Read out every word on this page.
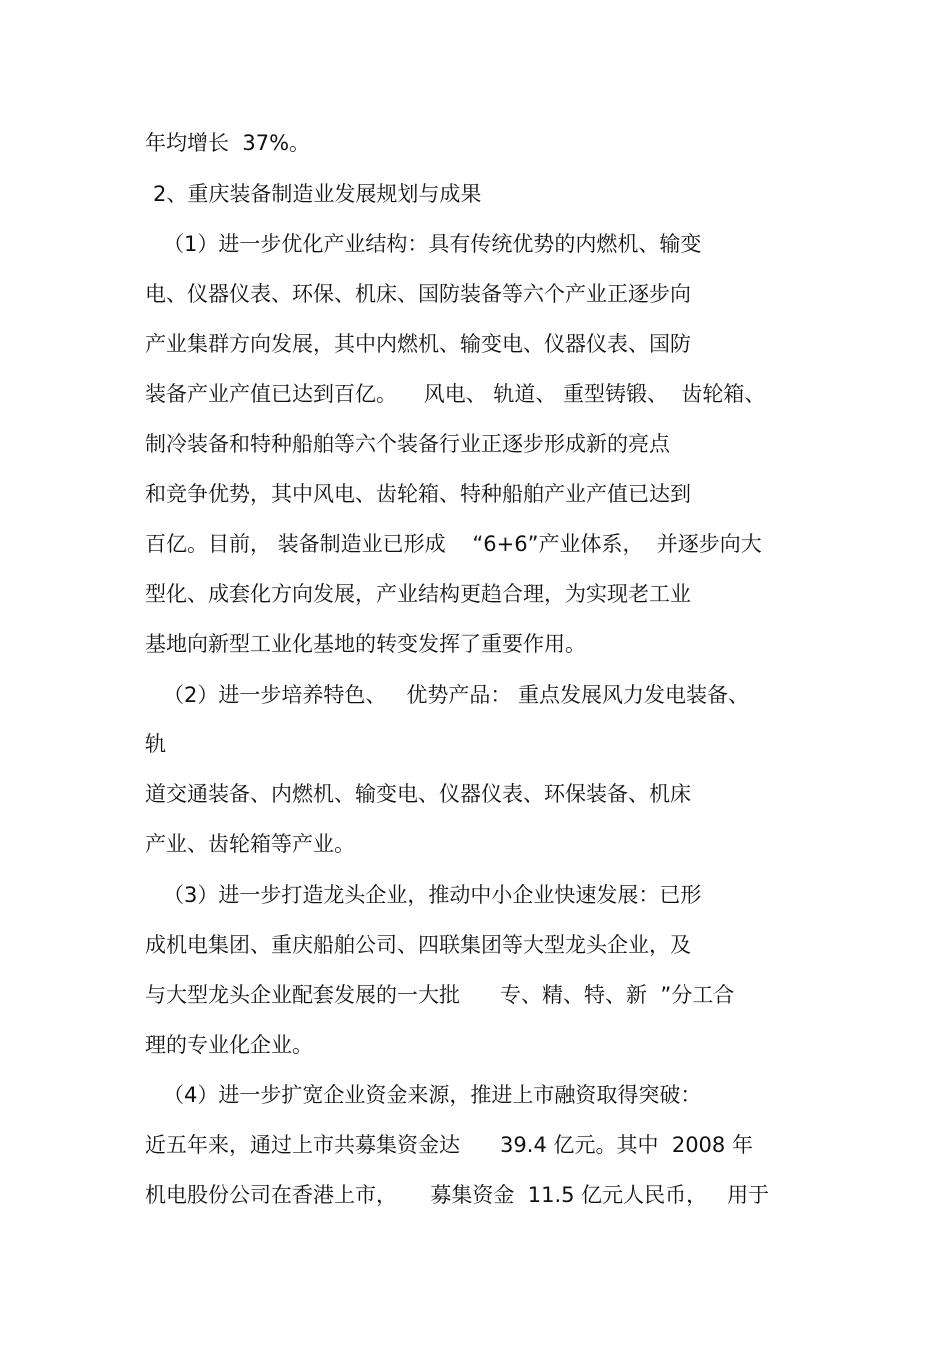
年均增长  37%。
2、重庆装备制造业发展规划与成果
（1）进一步优化产业结构：具有传统优势的内燃机、输变
电、仪器仪表、环保、机床、国防装备等六个产业正逐步向
产业集群方向发展，其中内燃机、输变电、仪器仪表、国防
装备产业产值已达到百亿。    风电、 轨道、 重型铸锻、  齿轮箱、
制冷装备和特种船舶等六个装备行业正逐步形成新的亮点
和竞争优势，其中风电、齿轮箱、特种船舶产业产值已达到
百亿。目前， 装备制造业已形成    “6+6”产业体系，  并逐步向大
型化、成套化方向发展，产业结构更趋合理，为实现老工业
基地向新型工业化基地的转变发挥了重要作用。
（2）进一步培养特色、   优势产品： 重点发展风力发电装备、
轨
道交通装备、内燃机、输变电、仪器仪表、环保装备、机床
产业、齿轮箱等产业。
（3）进一步打造龙头企业，推动中小企业快速发展：已形
成机电集团、重庆船舶公司、四联集团等大型龙头企业，及
与大型龙头企业配套发展的一大批      专、精、特、新  ”分工合
理的专业化企业。
（4）进一步扩宽企业资金来源，推进上市融资取得突破：
近五年来，通过上市共募集资金达      39.4 亿元。其中  2008 年
机电股份公司在香港上市，     募集资金  11.5 亿元人民币，   用于
